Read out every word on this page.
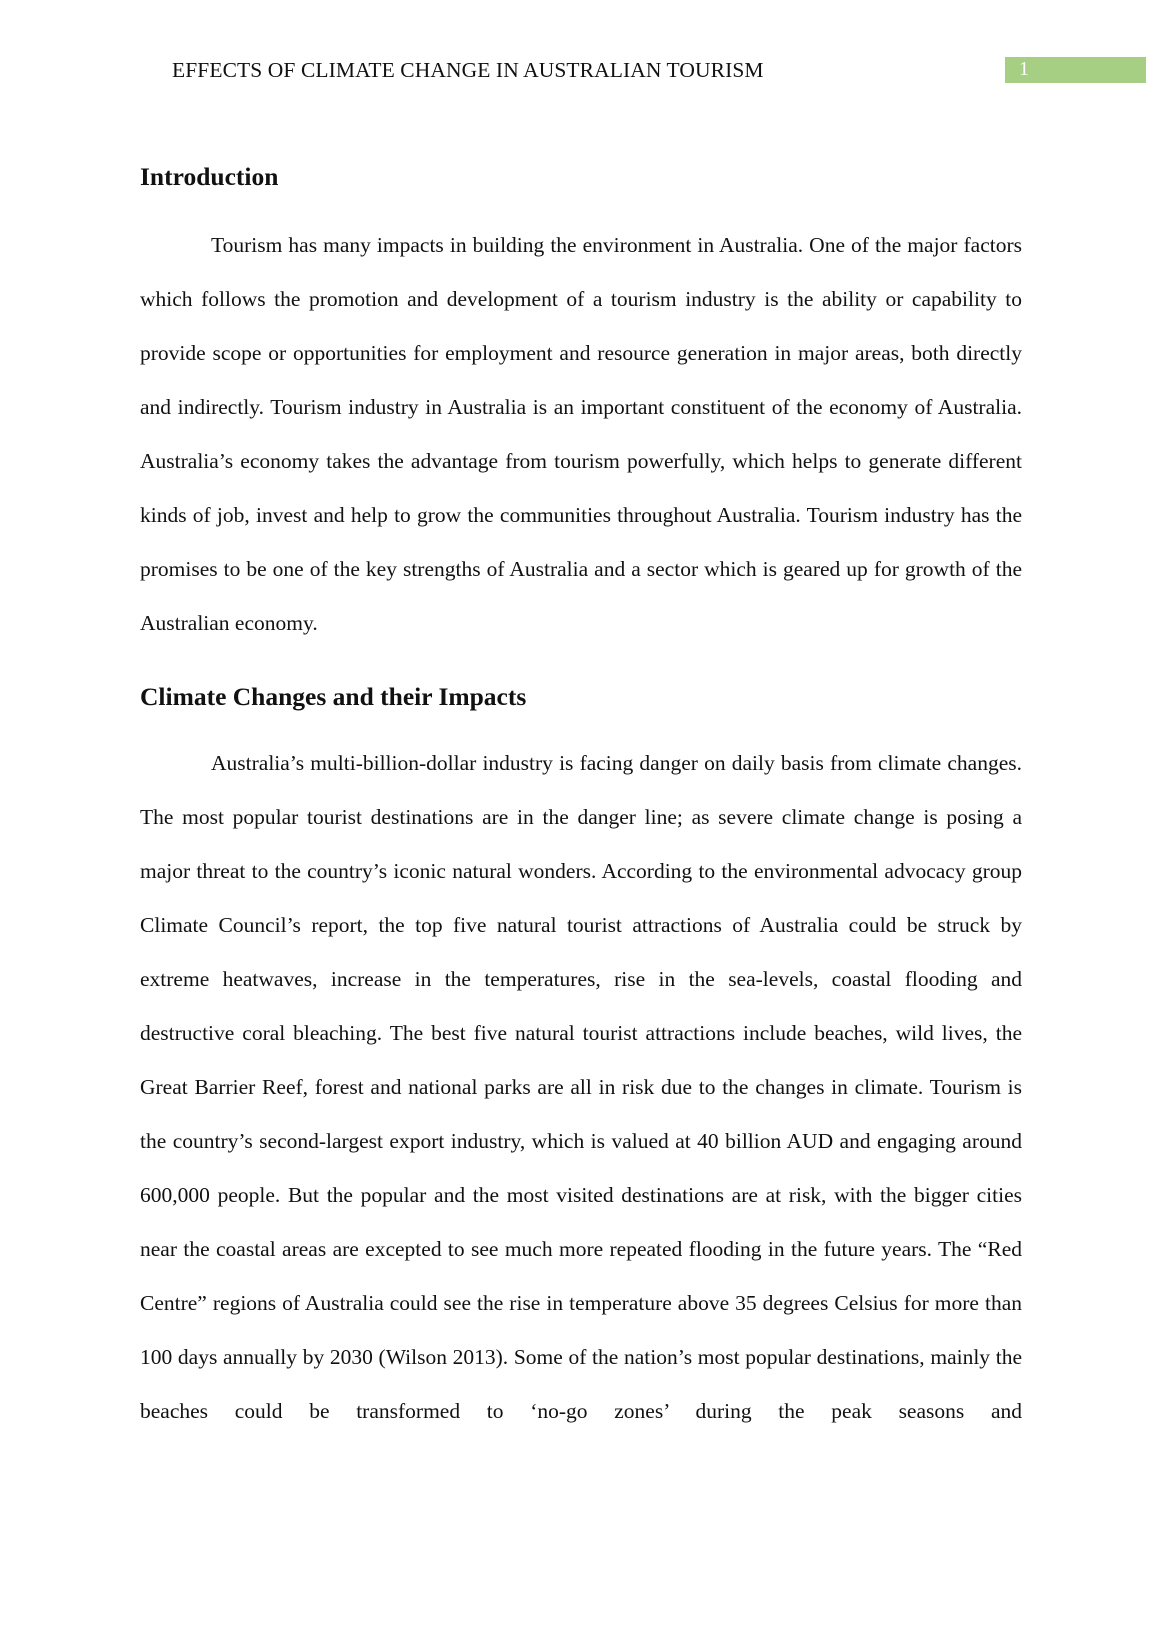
EFFECTS OF CLIMATE CHANGE IN AUSTRALIAN TOURISM	1
Introduction

Tourism has many impacts in building the environment in Australia. One of the major factors which follows the promotion and development of a tourism industry is the ability or capability to provide scope or opportunities for employment and resource generation in major areas, both directly and indirectly. Tourism industry in Australia is an important constituent of the economy of Australia. Australia’s economy takes the advantage from tourism powerfully, which helps to generate different kinds of job, invest and help to grow the communities throughout Australia. Tourism industry has the promises to be one of the key strengths of Australia and a sector which is geared up for growth of the Australian economy.

Climate Changes and their Impacts

Australia’s multi-billion-dollar industry is facing danger on daily basis from climate changes. The most popular tourist destinations are in the danger line; as severe climate change is posing a major threat to the country’s iconic natural wonders. According to the environmental advocacy group Climate Council’s report, the top five natural tourist attractions of Australia could be struck by extreme heatwaves, increase in the temperatures, rise in the sea-levels, coastal flooding and destructive coral bleaching. The best five natural tourist attractions include beaches, wild lives, the Great Barrier Reef, forest and national parks are all in risk due to the changes in climate. Tourism is the country’s second-largest export industry, which is valued at 40 billion AUD and engaging around 600,000 people. But the popular and the most visited destinations are at risk, with the bigger cities near the coastal areas are excepted to see much more repeated flooding in the future years. The “Red Centre” regions of Australia could see the rise in temperature above 35 degrees Celsius for more than 100 days annually by 2030 (Wilson 2013). Some of the nation’s most popular destinations, mainly the beaches could be transformed to ‘no-go zones’ during the peak seasons and
